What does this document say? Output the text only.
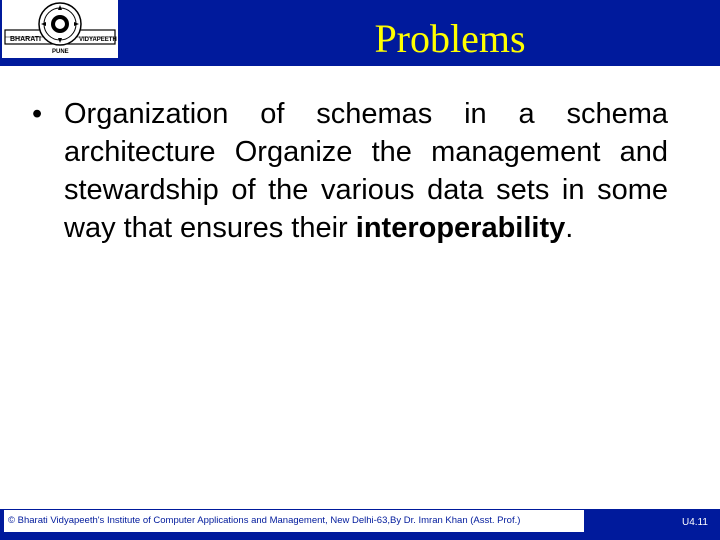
BHARATI	VIDYAPEETH
PUNE	Problems
• Organization of schemas in a schema architecture Organize the management and stewardship of the various data sets in some way that ensures their interoperability.
© Bharati Vidyapeeth's Institute of Computer Applications and Management, New Delhi-63,By Dr. Imran Khan (Asst. Prof.)	U4.11
